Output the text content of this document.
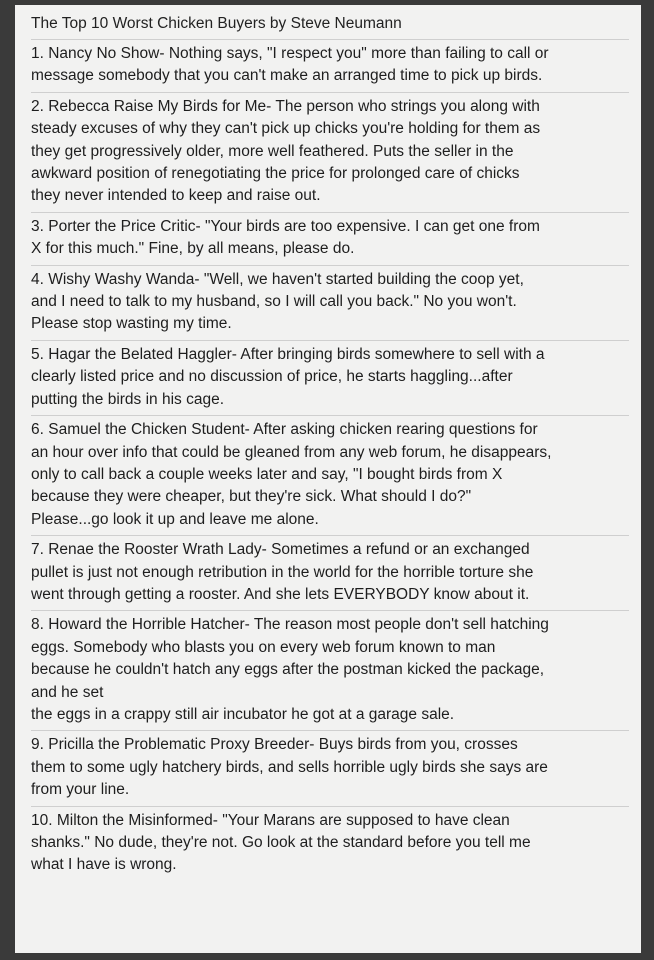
The Top 10 Worst Chicken Buyers by Steve Neumann
1. Nancy No Show- Nothing says, "I respect you" more than failing to call or
message somebody that you can't make an arranged time to pick up birds.
2. Rebecca Raise My Birds for Me- The person who strings you along with
steady excuses of why they can't pick up chicks you're holding for them as
they get progressively older, more well feathered. Puts the seller in the
awkward position of renegotiating the price for prolonged care of chicks
they never intended to keep and raise out.
3. Porter the Price Critic- "Your birds are too expensive. I can get one from
X for this much." Fine, by all means, please do.
4. Wishy Washy Wanda- "Well, we haven't started building the coop yet,
and I need to talk to my husband, so I will call you back." No you won't.
Please stop wasting my time.
5. Hagar the Belated Haggler- After bringing birds somewhere to sell with a
clearly listed price and no discussion of price, he starts haggling...after
putting the birds in his cage.
6. Samuel the Chicken Student- After asking chicken rearing questions for
an hour over info that could be gleaned from any web forum, he disappears,
only to call back a couple weeks later and say, "I bought birds from X
because they were cheaper, but they're sick. What should I do?"
Please...go look it up and leave me alone.
7. Renae the Rooster Wrath Lady- Sometimes a refund or an exchanged
pullet is just not enough retribution in the world for the horrible torture she
went through getting a rooster. And she lets EVERYBODY know about it.
8. Howard the Horrible Hatcher- The reason most people don't sell hatching
eggs. Somebody who blasts you on every web forum known to man
because he couldn't hatch any eggs after the postman kicked the package,
and he set
the eggs in a crappy still air incubator he got at a garage sale.
9. Pricilla the Problematic Proxy Breeder- Buys birds from you, crosses
them to some ugly hatchery birds, and sells horrible ugly birds she says are
from your line.
10. Milton the Misinformed- "Your Marans are supposed to have clean
shanks." No dude, they're not. Go look at the standard before you tell me
what I have is wrong.
